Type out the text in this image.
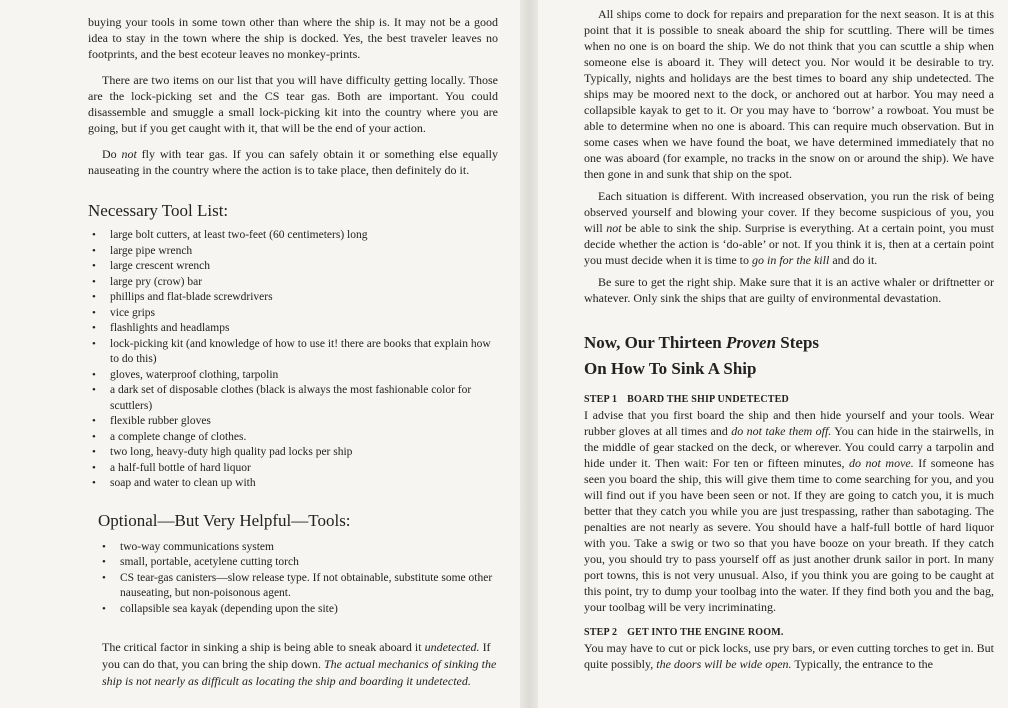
buying your tools in some town other than where the ship is. It may not be a good idea to stay in the town where the ship is docked. Yes, the best traveler leaves no footprints, and the best ecoteur leaves no monkey-prints.

There are two items on our list that you will have difficulty getting locally. Those are the lock-picking set and the CS tear gas. Both are important. You could disassemble and smuggle a small lock-picking kit into the country where you are going, but if you get caught with it, that will be the end of your action.

Do not fly with tear gas. If you can safely obtain it or something else equally nauseating in the country where the action is to take place, then definitely do it.

Necessary Tool List:
• large bolt cutters, at least two-feet (60 centimeters) long
• large pipe wrench
• large crescent wrench
• large pry (crow) bar
• phillips and flat-blade screwdrivers
• vice grips
• flashlights and headlamps
• lock-picking kit (and knowledge of how to use it! there are books that explain how to do this)
• gloves, waterproof clothing, tarpolin
• a dark set of disposable clothes (black is always the most fashionable color for scuttlers)
• flexible rubber gloves
• a complete change of clothes.
• two long, heavy-duty high quality pad locks per ship
• a half-full bottle of hard liquor
• soap and water to clean up with
Optional—But Very Helpful—Tools:
• two-way communications system
• small, portable, acetylene cutting torch
• CS tear-gas canisters—slow release type. If not obtainable, substitute some other nauseating, but non-poisonous agent.
• collapsible sea kayak (depending upon the site)

The critical factor in sinking a ship is being able to sneak aboard it undetected. If you can do that, you can bring the ship down. The actual mechanics of sinking the ship is not nearly as difficult as locating the ship and boarding it undetected.

All ships come to dock for repairs and preparation for the next season. It is at this point that it is possible to sneak aboard the ship for scuttling. There will be times when no one is on board the ship. We do not think that you can scuttle a ship when someone else is aboard it. They will detect you. Nor would it be desirable to try. Typically, nights and holidays are the best times to board any ship undetected. The ships may be moored next to the dock, or anchored out at harbor. You may need a collapsible kayak to get to it. Or you may have to ‘borrow’ a rowboat. You must be able to determine when no one is aboard. This can require much observation. But in some cases when we have found the boat, we have determined immediately that no one was aboard (for example, no tracks in the snow on or around the ship). We have then gone in and sunk that ship on the spot.

Each situation is different. With increased observation, you run the risk of being observed yourself and blowing your cover. If they become suspicious of you, you will not be able to sink the ship. Surprise is everything. At a certain point, you must decide whether the action is ‘do-able’ or not. If you think it is, then at a certain point you must decide when it is time to go in for the kill and do it.

Be sure to get the right ship. Make sure that it is an active whaler or driftnetter or whatever. Only sink the ships that are guilty of environmental devastation.

Now, Our Thirteen Proven Steps
On How To Sink A Ship
STEP 1 BOARD THE SHIP UNDETECTED

I advise that you first board the ship and then hide yourself and your tools. Wear rubber gloves at all times and do not take them off. You can hide in the stairwells, in the middle of gear stacked on the deck, or wherever. You could carry a tarpolin and hide under it. Then wait: For ten or fifteen minutes, do not move. If someone has seen you board the ship, this will give them time to come searching for you, and you will find out if you have been seen or not. If they are going to catch you, it is much better that they catch you while you are just trespassing, rather than sabotaging. The penalties are not nearly as severe. You should have a half-full bottle of hard liquor with you. Take a swig or two so that you have booze on your breath. If they catch you, you should try to pass yourself off as just another drunk sailor in port. In many port towns, this is not very unusual. Also, if you think you are going to be caught at this point, try to dump your toolbag into the water. If they find both you and the bag, your toolbag will be very incriminating.

STEP 2 GET INTO THE ENGINE ROOM.

You may have to cut or pick locks, use pry bars, or even cutting torches to get in. But quite possibly, the doors will be wide open. Typically, the entrance to the
